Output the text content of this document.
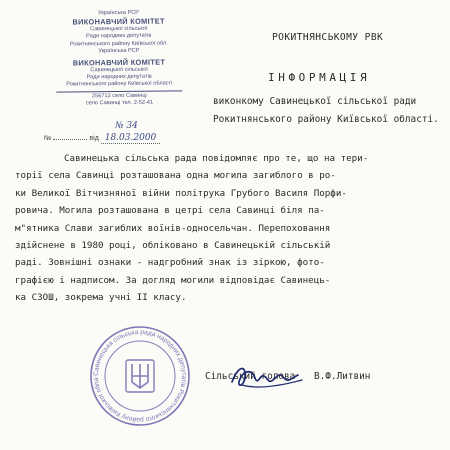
Українська РСР
ВИКОНАВЧИЙ КОМІТЕТ
Савинецької сільської
Ради народних депутатів
Рокитнянського району Київської обл.
Українська РСР
ВИКОНАВЧИЙ КОМІТЕТ
Савинецької сільської
Ради народних депутатів
Рокитнянського району Київської області
256712 село Савинці
село Савинці тел. 2-52-41
№ 34
№	від 18.03.2000
РОКИТНЯНСЬКОМУ РВК
ІНФОРМАЦІЯ
виконкому Савинецької сільської ради
Рокитнянського району Київської області.
Савинецька сільська рада повідомляє про те, що на тери-
торії села Савинці розташована одна могила загиблого в ро-
ки Великої Вітчизняної війни політрука Грубого Василя Порфи-
ровича. Могила розташована в цетрі села Савинці біля па-
м"ятника Слави загиблих воїнів-односельчан. Перепоховання
здійснене в 1980 році, обліковано в Савинецькій сільській
раді. Зовнішні ознаки - надгробний знак із зіркою, фото-
графією і надписом. За догляд могили відповідає Савинець-
ка СЗОШ, зокрема учні ІІ класу.
Савинецька сільська рада народних депутатів Рокитнянського району Київської обла	Сільський голова В.Ф.Литвин
